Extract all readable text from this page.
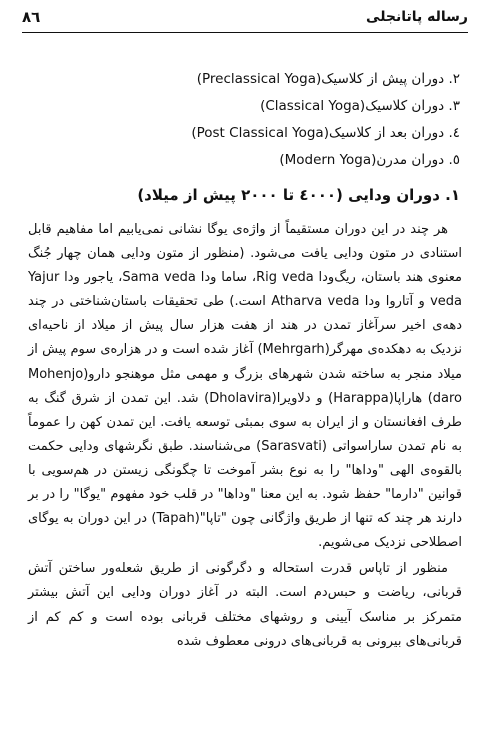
٨٦	رساله پاتانجلی
۲. دوران پیش از کلاسیک(Preclassical Yoga)
۳. دوران کلاسیک(Classical Yoga)
٤. دوران بعد از کلاسیک(Post Classical Yoga)
٥. دوران مدرن(Modern Yoga)
۱. دوران ودایی (٤٠٠٠ تا ٢٠٠٠ پیش از میلاد)

هر چند در این دوران مستقیماً از واژه‌ی یوگا نشانی نمی‌یابیم اما مفاهیم قابل استنادی در متون ودایی یافت می‌شود. (منظور از متون ودایی همان چهار جُنگ معنوی هند باستان، ریگ‌ودا Rig veda، ساما ودا Sama veda، یاجور ودا Yajur veda و آتاروا ودا Atharva veda است.) طی تحقیقات باستان‌شناختی در چند دهه‌ی اخیر سرآغاز تمدن در هند از هفت هزار سال پیش از میلاد از ناحیه‌ای نزدیک به دهکده‌ی مهرگر(Mehrgarh) آغاز شده است و در هزاره‌ی سوم پیش از میلاد منجر به ساخته شدن شهرهای بزرگ و مهمی مثل موهنجو دارو(Mohenjo daro) هاراپا(Harappa) و دلاویرا(Dholavira) شد. این تمدن از شرق گنگ به طرف افغانستان و از ایران به سوی بمبئی توسعه یافت. این تمدن کهن را عموماً به نام تمدن ساراسواتی (Sarasvati) می‌شناسند. طبق نگرشهای ودایی حکمت بالقوه‌ی الهی "وداها" را به نوع بشر آموخت تا چگونگی زیستن در هم‌سویی با قوانین "دارما" حفظ شود. به این معنا "وداها" در قلب خود مفهوم "یوگا" را در بر دارند هر چند که تنها از طریق واژگانی چون "تاپا"(Tapah) در این دوران به یوگای اصطلاحی نزدیک می‌شویم.

منظور از تاپاس قدرت استحاله و دگرگونی از طریق شعله‌ور ساختن آتش قربانی، ریاضت و حبس‌دم است. البته در آغاز دوران ودایی این آتش بیشتر متمرکز بر مناسک آیینی و روشهای مختلف قربانی بوده است و کم کم از قربانی‌های بیرونی به قربانی‌های درونی معطوف شده
